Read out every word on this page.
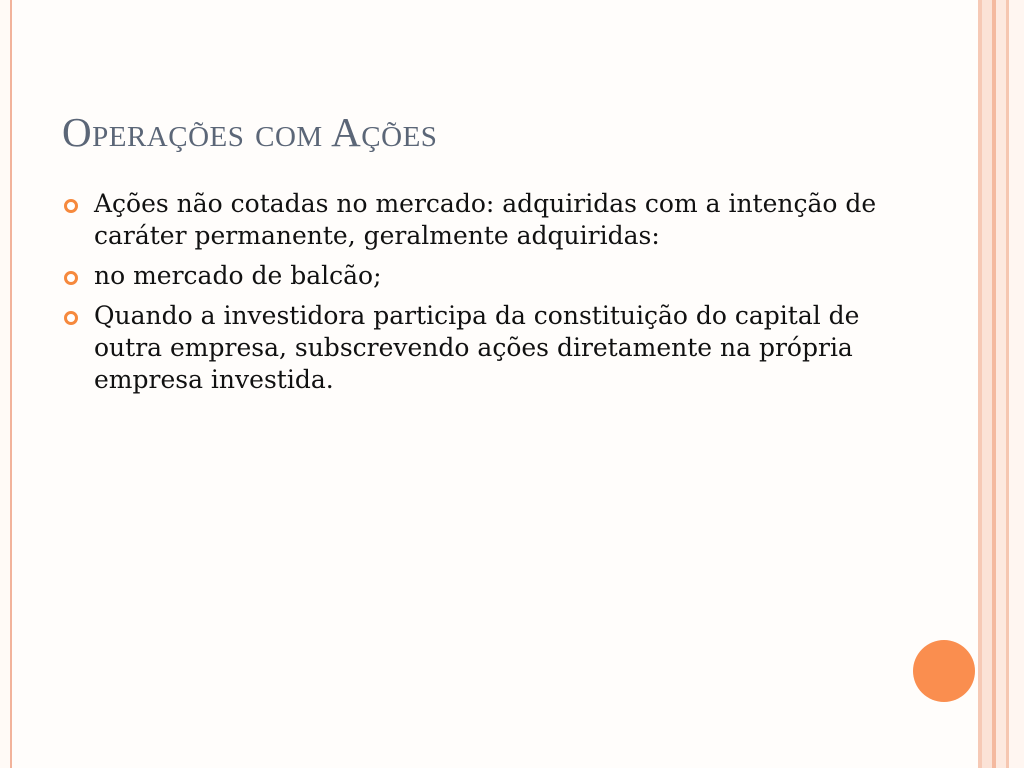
Operações com Ações
Ações não cotadas no mercado: adquiridas com a intenção de caráter permanente, geralmente adquiridas:
no mercado de balcão;
Quando a investidora participa da constituição do capital de outra empresa, subscrevendo ações diretamente na própria empresa investida.
